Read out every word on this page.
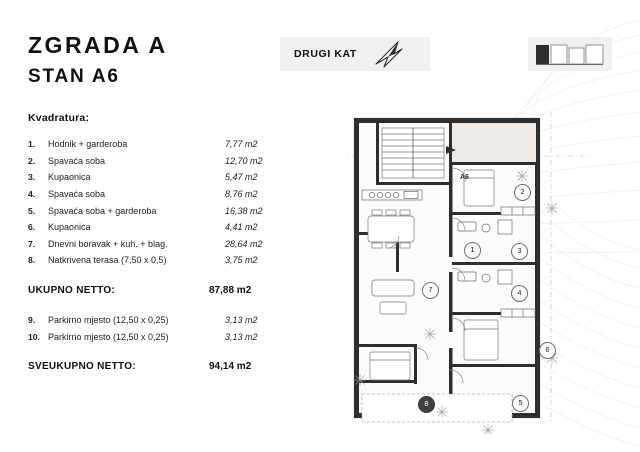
ZGRADA A
STAN A6
Kvadratura:
1.	Hodnik + garderoba	7,77 m2
2.	Spavaća soba	12,70 m2
3.	Kupaonica	5,47 m2
4.	Spavaća soba	8,76 m2
5.	Spavaća soba + garderoba	16,38 m2
6.	Kupaonica	4,41 m2
7.	Dnevni boravak + kuh. + blag.	28,64 m2
8.	Natkrivena terasa (7,50 x 0,5)	3,75 m2
UKUPNO NETTO:	87,88 m2
9.	Parkirno mjesto (12,50 x 0,25)	3,13 m2
10.	Parkirno mjesto (12,50 x 0,25)	3,13 m2
SVEUKUPNO NETTO:	94,14 m2
DRUGI KAT
A6
1
2
3
4
5
6
7
8
